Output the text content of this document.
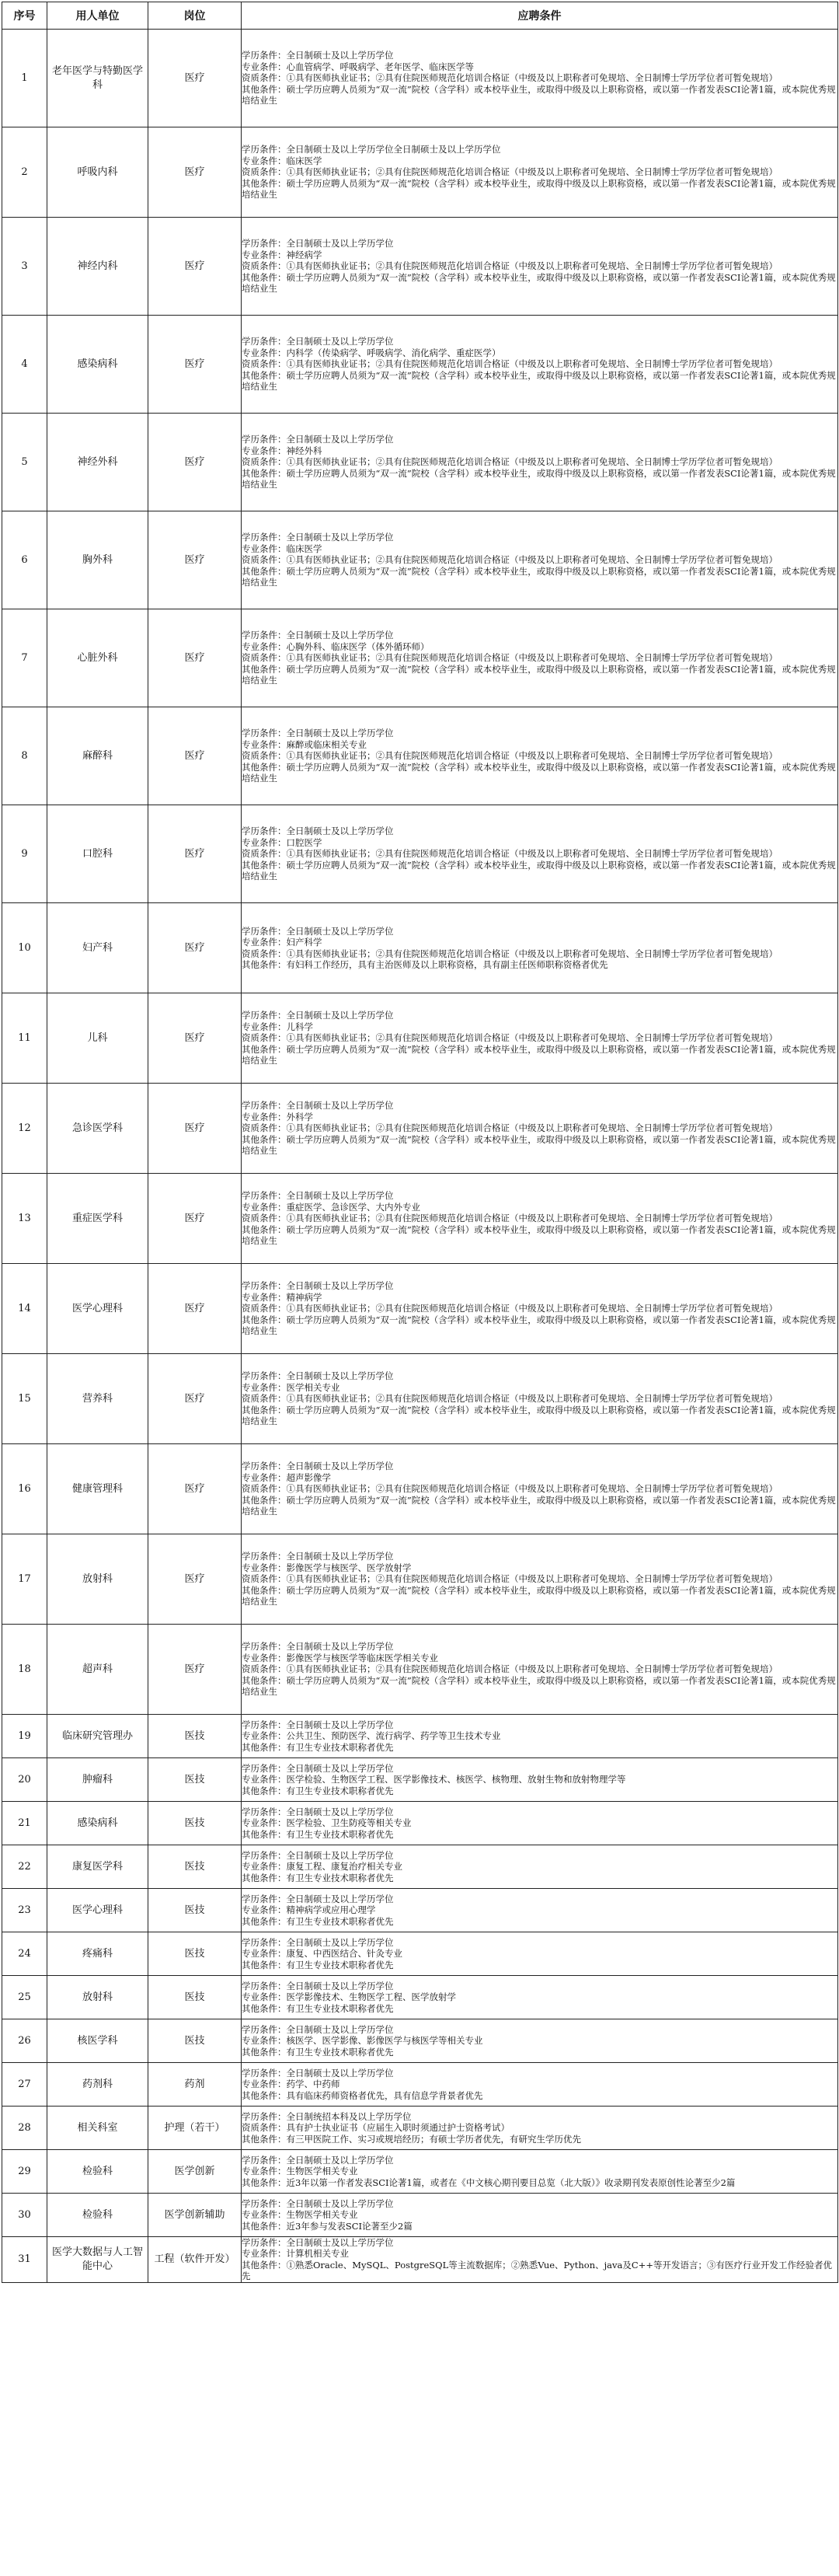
序号	用人单位	岗位	应聘条件
1	老年医学与特勤医学科	医疗	学历条件：全日制硕士及以上学历学位
专业条件：心血管病学、呼吸病学、老年医学、临床医学等
资质条件：①具有医师执业证书；②具有住院医师规范化培训合格证（中级及以上职称者可免规培、全日制博士学历学位者可暂免规培）
其他条件：硕士学历应聘人员须为“双一流”院校（含学科）或本校毕业生，或取得中级及以上职称资格，或以第一作者发表SCI论著1篇，或本院优秀规培结业生

2	呼吸内科	医疗	学历条件：全日制硕士及以上学历学位全日制硕士及以上学历学位
专业条件：临床医学
资质条件：①具有医师执业证书；②具有住院医师规范化培训合格证（中级及以上职称者可免规培、全日制博士学历学位者可暂免规培）
其他条件：硕士学历应聘人员须为“双一流”院校（含学科）或本校毕业生，或取得中级及以上职称资格，或以第一作者发表SCI论著1篇，或本院优秀规培结业生

3	神经内科	医疗	学历条件：全日制硕士及以上学历学位
专业条件：神经病学
资质条件：①具有医师执业证书；②具有住院医师规范化培训合格证（中级及以上职称者可免规培、全日制博士学历学位者可暂免规培）
其他条件：硕士学历应聘人员须为“双一流”院校（含学科）或本校毕业生，或取得中级及以上职称资格，或以第一作者发表SCI论著1篇，或本院优秀规培结业生

4	感染病科	医疗	学历条件：全日制硕士及以上学历学位
专业条件：内科学（传染病学、呼吸病学、消化病学、重症医学）
资质条件：①具有医师执业证书；②具有住院医师规范化培训合格证（中级及以上职称者可免规培、全日制博士学历学位者可暂免规培）
其他条件：硕士学历应聘人员须为“双一流”院校（含学科）或本校毕业生，或取得中级及以上职称资格，或以第一作者发表SCI论著1篇，或本院优秀规培结业生

5	神经外科	医疗	学历条件：全日制硕士及以上学历学位
专业条件：神经外科
资质条件：①具有医师执业证书；②具有住院医师规范化培训合格证（中级及以上职称者可免规培、全日制博士学历学位者可暂免规培）
其他条件：硕士学历应聘人员须为“双一流”院校（含学科）或本校毕业生，或取得中级及以上职称资格，或以第一作者发表SCI论著1篇，或本院优秀规培结业生

6	胸外科	医疗	学历条件：全日制硕士及以上学历学位
专业条件：临床医学
资质条件：①具有医师执业证书；②具有住院医师规范化培训合格证（中级及以上职称者可免规培、全日制博士学历学位者可暂免规培）
其他条件：硕士学历应聘人员须为“双一流”院校（含学科）或本校毕业生，或取得中级及以上职称资格，或以第一作者发表SCI论著1篇，或本院优秀规培结业生

7	心脏外科	医疗	学历条件：全日制硕士及以上学历学位
专业条件：心胸外科、临床医学（体外循环师）
资质条件：①具有医师执业证书；②具有住院医师规范化培训合格证（中级及以上职称者可免规培、全日制博士学历学位者可暂免规培）
其他条件：硕士学历应聘人员须为“双一流”院校（含学科）或本校毕业生，或取得中级及以上职称资格，或以第一作者发表SCI论著1篇，或本院优秀规培结业生

8	麻醉科	医疗	学历条件：全日制硕士及以上学历学位
专业条件：麻醉或临床相关专业
资质条件：①具有医师执业证书；②具有住院医师规范化培训合格证（中级及以上职称者可免规培、全日制博士学历学位者可暂免规培）
其他条件：硕士学历应聘人员须为“双一流”院校（含学科）或本校毕业生，或取得中级及以上职称资格，或以第一作者发表SCI论著1篇，或本院优秀规培结业生

9	口腔科	医疗	学历条件：全日制硕士及以上学历学位
专业条件：口腔医学
资质条件：①具有医师执业证书；②具有住院医师规范化培训合格证（中级及以上职称者可免规培、全日制博士学历学位者可暂免规培）
其他条件：硕士学历应聘人员须为“双一流”院校（含学科）或本校毕业生，或取得中级及以上职称资格，或以第一作者发表SCI论著1篇，或本院优秀规培结业生

10	妇产科	医疗	学历条件：全日制硕士及以上学历学位
专业条件：妇产科学
资质条件：①具有医师执业证书；②具有住院医师规范化培训合格证（中级及以上职称者可免规培、全日制博士学历学位者可暂免规培）
其他条件：有妇科工作经历，具有主治医师及以上职称资格，具有副主任医师职称资格者优先

11	儿科	医疗	学历条件：全日制硕士及以上学历学位
专业条件：儿科学
资质条件：①具有医师执业证书；②具有住院医师规范化培训合格证（中级及以上职称者可免规培、全日制博士学历学位者可暂免规培）
其他条件：硕士学历应聘人员须为“双一流”院校（含学科）或本校毕业生，或取得中级及以上职称资格，或以第一作者发表SCI论著1篇，或本院优秀规培结业生

12	急诊医学科	医疗	学历条件：全日制硕士及以上学历学位
专业条件：外科学
资质条件：①具有医师执业证书；②具有住院医师规范化培训合格证（中级及以上职称者可免规培、全日制博士学历学位者可暂免规培）
其他条件：硕士学历应聘人员须为“双一流”院校（含学科）或本校毕业生，或取得中级及以上职称资格，或以第一作者发表SCI论著1篇，或本院优秀规培结业生

13	重症医学科	医疗	学历条件：全日制硕士及以上学历学位
专业条件：重症医学、急诊医学、大内外专业
资质条件：①具有医师执业证书；②具有住院医师规范化培训合格证（中级及以上职称者可免规培、全日制博士学历学位者可暂免规培）
其他条件：硕士学历应聘人员须为“双一流”院校（含学科）或本校毕业生，或取得中级及以上职称资格，或以第一作者发表SCI论著1篇，或本院优秀规培结业生

14	医学心理科	医疗	学历条件：全日制硕士及以上学历学位
专业条件：精神病学
资质条件：①具有医师执业证书；②具有住院医师规范化培训合格证（中级及以上职称者可免规培、全日制博士学历学位者可暂免规培）
其他条件：硕士学历应聘人员须为“双一流”院校（含学科）或本校毕业生，或取得中级及以上职称资格，或以第一作者发表SCI论著1篇，或本院优秀规培结业生

15	营养科	医疗	学历条件：全日制硕士及以上学历学位
专业条件：医学相关专业
资质条件：①具有医师执业证书；②具有住院医师规范化培训合格证（中级及以上职称者可免规培、全日制博士学历学位者可暂免规培）
其他条件：硕士学历应聘人员须为“双一流”院校（含学科）或本校毕业生，或取得中级及以上职称资格，或以第一作者发表SCI论著1篇，或本院优秀规培结业生

16	健康管理科	医疗	学历条件：全日制硕士及以上学历学位
专业条件：超声影像学
资质条件：①具有医师执业证书；②具有住院医师规范化培训合格证（中级及以上职称者可免规培、全日制博士学历学位者可暂免规培）
其他条件：硕士学历应聘人员须为“双一流”院校（含学科）或本校毕业生，或取得中级及以上职称资格，或以第一作者发表SCI论著1篇，或本院优秀规培结业生

17	放射科	医疗	学历条件：全日制硕士及以上学历学位
专业条件：影像医学与核医学、医学放射学
资质条件：①具有医师执业证书；②具有住院医师规范化培训合格证（中级及以上职称者可免规培、全日制博士学历学位者可暂免规培）
其他条件：硕士学历应聘人员须为“双一流”院校（含学科）或本校毕业生，或取得中级及以上职称资格，或以第一作者发表SCI论著1篇，或本院优秀规培结业生

18	超声科	医疗	学历条件：全日制硕士及以上学历学位
专业条件：影像医学与核医学等临床医学相关专业
资质条件：①具有医师执业证书；②具有住院医师规范化培训合格证（中级及以上职称者可免规培、全日制博士学历学位者可暂免规培）
其他条件：硕士学历应聘人员须为“双一流”院校（含学科）或本校毕业生，或取得中级及以上职称资格，或以第一作者发表SCI论著1篇，或本院优秀规培结业生

19	临床研究管理办	医技	学历条件：全日制硕士及以上学历学位
专业条件：公共卫生、预防医学、流行病学、药学等卫生技术专业
其他条件：有卫生专业技术职称者优先

20	肿瘤科	医技	学历条件：全日制硕士及以上学历学位
专业条件：医学检验、生物医学工程、医学影像技术、核医学、核物理、放射生物和放射物理学等
其他条件：有卫生专业技术职称者优先

21	感染病科	医技	学历条件：全日制硕士及以上学历学位
专业条件：医学检验、卫生防疫等相关专业
其他条件：有卫生专业技术职称者优先

22	康复医学科	医技	学历条件：全日制硕士及以上学历学位
专业条件：康复工程、康复治疗相关专业
其他条件：有卫生专业技术职称者优先

23	医学心理科	医技	学历条件：全日制硕士及以上学历学位
专业条件：精神病学或应用心理学
其他条件：有卫生专业技术职称者优先

24	疼痛科	医技	学历条件：全日制硕士及以上学历学位
专业条件：康复、中西医结合、针灸专业
其他条件：有卫生专业技术职称者优先

25	放射科	医技	学历条件：全日制硕士及以上学历学位
专业条件：医学影像技术、生物医学工程、医学放射学
其他条件：有卫生专业技术职称者优先

26	核医学科	医技	学历条件：全日制硕士及以上学历学位
专业条件：核医学、医学影像、影像医学与核医学等相关专业
其他条件：有卫生专业技术职称者优先

27	药剂科	药剂	学历条件：全日制硕士及以上学历学位
专业条件：药学、中药师
其他条件：具有临床药师资格者优先，具有信息学背景者优先

28	相关科室	护理（若干）	学历条件：全日制统招本科及以上学历学位
资质条件：具有护士执业证书（应届生入职时须通过护士资格考试）
其他条件：有三甲医院工作、实习或规培经历；有硕士学历者优先，有研究生学历优先

29	检验科	医学创新	学历条件：全日制硕士及以上学历学位
专业条件：生物医学相关专业
其他条件：近3年以第一作者发表SCI论著1篇，或者在《中文核心期刊要目总览（北大版）》收录期刊发表原创性论著至少2篇

30	检验科	医学创新辅助	学历条件：全日制硕士及以上学历学位
专业条件：生物医学相关专业
其他条件：近3年参与发表SCI论著至少2篇

31	医学大数据与人工智能中心	工程（软件开发）	学历条件：全日制硕士及以上学历学位
专业条件：计算机相关专业
其他条件：①熟悉Oracle、MySQL、PostgreSQL等主流数据库；②熟悉Vue、Python、java及C++等开发语言；③有医疗行业开发工作经验者优先
